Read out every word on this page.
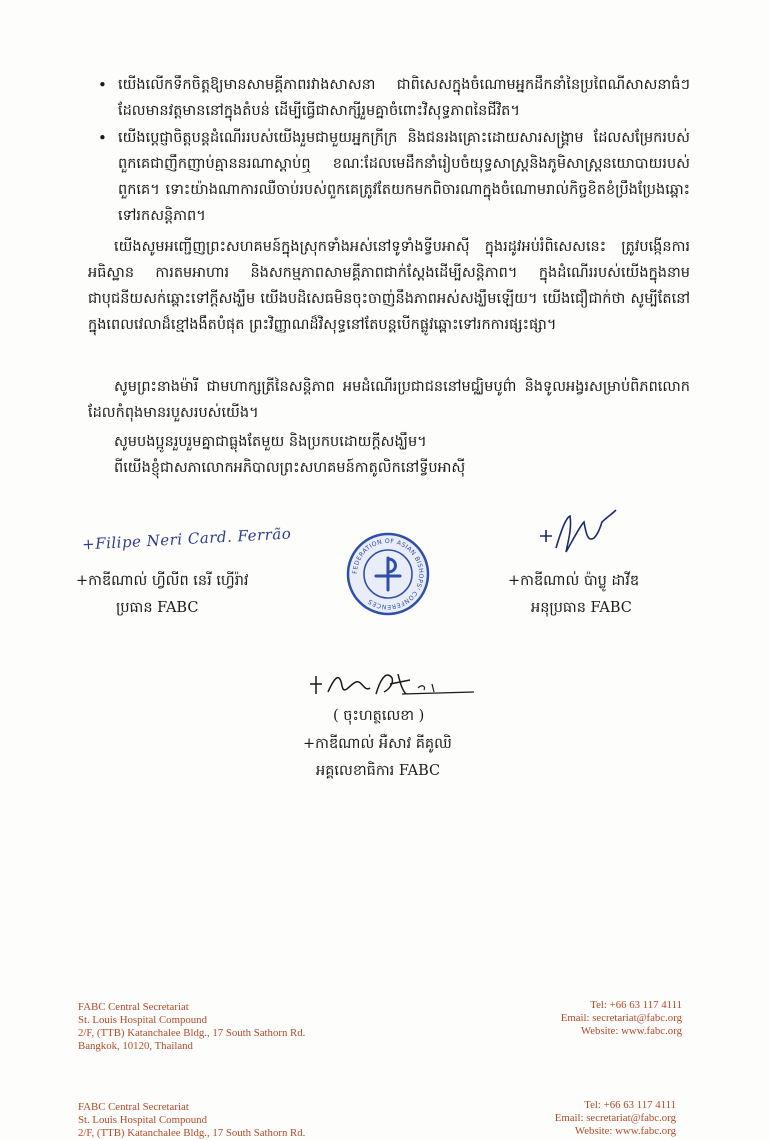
• យើងលើកទឹកចិត្តឱ្យមានសាមគ្គីភាពរវាងសាសនា ជាពិសេសក្នុងចំណោមអ្នកដឹកនាំនៃប្រពៃណីសាសនាធំៗដែលមានវត្តមាននៅក្នុងតំបន់ ដើម្បីធ្វើជាសាក្សីរួមគ្នាចំពោះវិសុទ្ធភាពនៃជីវិត។
• យើងប្ដេជ្ញាចិត្តបន្តដំណើររបស់យើងរួមជាមួយអ្នកក្រីក្រ និងជនរងគ្រោះដោយសារសង្គ្រាម ដែលសម្រែករបស់ពួកគេជាញឹកញាប់គ្មាននរណាស្ដាប់ឮ ខណៈដែលមេដឹកនាំរៀបចំយុទ្ធសាស្ត្រនិងភូមិសាស្ត្រនយោបាយរបស់ពួកគេ។ ទោះយ៉ាងណាការឈឺចាប់របស់ពួកគេត្រូវតែយកមកពិចារណាក្នុងចំណោមរាល់កិច្ចខិតខំប្រឹងប្រែងឆ្ពោះទៅរកសន្តិភាព។

យើងសូមអញ្ជើញព្រះសហគមន៍ក្នុងស្រុកទាំងអស់នៅទូទាំងទ្វីបអាស៊ី ក្នុងរដូវអប់រំពិសេសនេះ ត្រូវបង្កើនការអធិស្ឋាន ការតមអាហារ និងសកម្មភាពសាមគ្គីភាពជាក់ស្ដែងដើម្បីសន្តិភាព។ ក្នុងដំណើររបស់យើងក្នុងនាមជាបុជនីយសក់ឆ្ពោះទៅក្ដីសង្ឃឹម យើងបដិសេធមិនចុះចាញ់នឹងភាពអស់សង្ឃឹមឡើយ។ យើងជឿជាក់ថា សូម្បីតែនៅក្នុងពេលវេលាដ៏ខ្មៅងងឹតបំផុត ព្រះវិញ្ញាណដ៏វិសុទ្ធនៅតែបន្តបើកផ្លូវឆ្ពោះទៅរកការផ្សះផ្សា។

សូមព្រះនាងម៉ារី ជាមហាក្សត្រីនៃសន្តិភាព អមដំណើរប្រជាជននៅមជ្ឈិមបូព៌ា និងទូលអង្វរសម្រាប់ពិភពលោកដែលកំពុងមានរបួសរបស់យើង។

សូមបងប្អូនរួបរួមគ្នាជាធ្លុងតែមួយ និងប្រកបដោយក្ដីសង្ឃឹម។

ពីយើងខ្ញុំជាសភាលោកអភិបាលព្រះសហគមន៍កាតូលិកនៅទ្វីបអាស៊ី

+Filipe Neri Card. Ferrão
+កាឌីណាល់ ហ្វីលីព នេរី ហ្វើរ៉ាវ
ប្រធាន FABC
FEDERATION OF ASIAN BISHOPS' CONFERENCES
+កាឌីណាល់ ប៉ាប្លូ ដាវីឌ
អនុប្រធាន FABC
( ចុះហត្ថលេខា )
+កាឌីណាល់ អឺសាវ គីគូឈិ
អគ្គលេខាធិការ FABC
FABC Central Secretariat
St. Louis Hospital Compound
2/F, (TTB) Katanchalee Bldg., 17 South Sathorn Rd.
Bangkok, 10120, Thailand
Tel: +66 63 117 4111
Email: secretariat@fabc.org
Website: www.fabc.org
FABC Central Secretariat
St. Louis Hospital Compound
2/F, (TTB) Katanchalee Bldg., 17 South Sathorn Rd.
Tel: +66 63 117 4111
Email: secretariat@fabc.org
Website: www.fabc.org
